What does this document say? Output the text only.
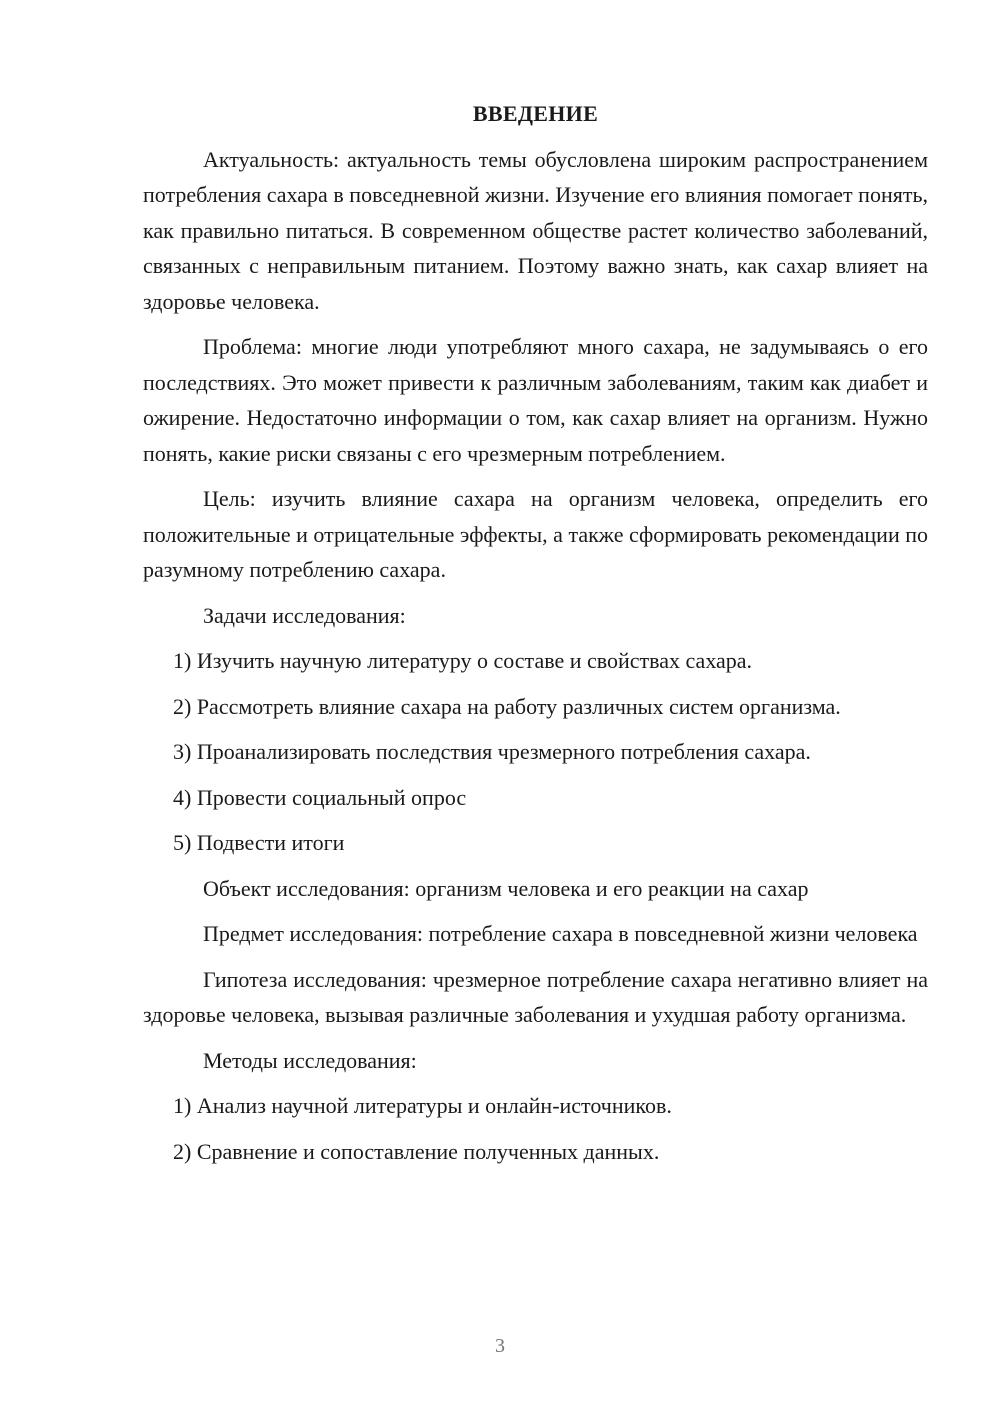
ВВЕДЕНИЕ

Актуальность: актуальность темы обусловлена широким распространением потребления сахара в повседневной жизни. Изучение его влияния помогает понять, как правильно питаться. В современном обществе растет количество заболеваний, связанных с неправильным питанием. Поэтому важно знать, как сахар влияет на здоровье человека.

Проблема: многие люди употребляют много сахара, не задумываясь о его последствиях. Это может привести к различным заболеваниям, таким как диабет и ожирение. Недостаточно информации о том, как сахар влияет на организм. Нужно понять, какие риски связаны с его чрезмерным потреблением.

Цель: изучить влияние сахара на организм человека, определить его положительные и отрицательные эффекты, а также сформировать рекомендации по разумному потреблению сахара.

Задачи исследования:

1) Изучить научную литературу о составе и свойствах сахара.

2) Рассмотреть влияние сахара на работу различных систем организма.

3) Проанализировать последствия чрезмерного потребления сахара.

4) Провести социальный опрос

5) Подвести итоги

Объект исследования: организм человека и его реакции на сахар

Предмет исследования: потребление сахара в повседневной жизни человека

Гипотеза исследования: чрезмерное потребление сахара негативно влияет на здоровье человека, вызывая различные заболевания и ухудшая работу организма.

Методы исследования:

1) Анализ научной литературы и онлайн-источников.

2) Сравнение и сопоставление полученных данных.

3
